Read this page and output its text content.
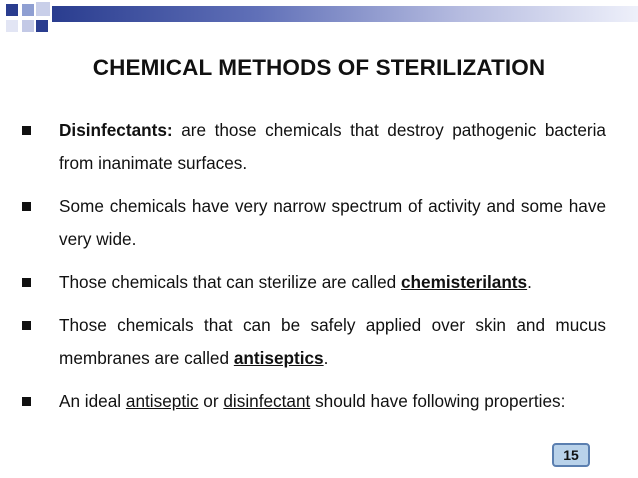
CHEMICAL METHODS OF STERILIZATION
Disinfectants: are those chemicals that destroy pathogenic bacteria from inanimate surfaces.
Some chemicals have very narrow spectrum of activity and some have very wide.
Those chemicals that can sterilize are called chemisterilants.
Those chemicals that can be safely applied over skin and mucus membranes are called antiseptics.
An ideal antiseptic or disinfectant should have following properties:
15
